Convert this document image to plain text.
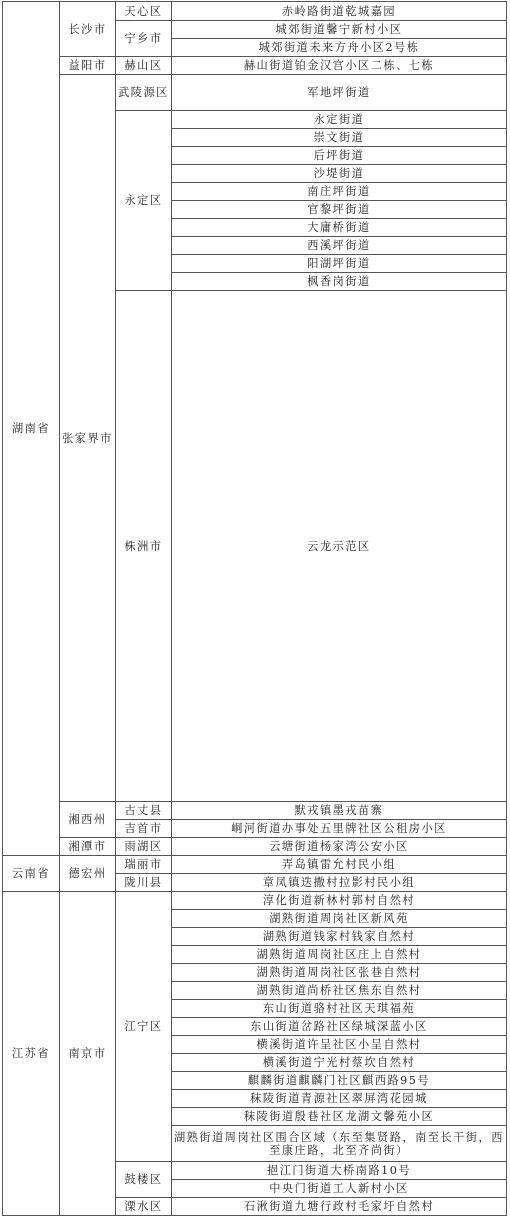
湖南省	长沙市	天心区	赤岭路街道乾城嘉园	
		宁乡市	城郊街道馨宁新村小区	
			城郊街道未来方舟小区2号栋	
	益阳市	赫山区	赫山街道铂金汉宫小区二栋、七栋	
	张家界市	武陵源区	军地坪街道	
		永定区	永定街道	
			崇文街道	
			后坪街道	
			沙堤街道	
			南庄坪街道	
			官黎坪街道	
			大庸桥街道	
			西溪坪街道	
			阳湖坪街道	
			枫香岗街道	
		株洲市	云龙示范区	

	湘西州	古丈县	默戎镇墨戎苗寨	
		吉首市	峒河街道办事处五里牌社区公租房小区	
	湘潭市	雨湖区	云塘街道杨家湾公安小区	
云南省	德宏州	瑞丽市	弄岛镇雷允村民小组	
		陇川县	章凤镇迭撒村拉影村民小组	
江苏省	南京市	江宁区	淳化街道新林村郭村自然村	
			湖熟街道周岗社区新风苑	
			湖熟街道钱家村钱家自然村	
			湖熟街道周岗社区庄上自然村	
			湖熟街道周岗社区张巷自然村	
			湖熟街道尚桥社区焦东自然村	
			东山街道骆村社区天琪福苑	
			东山街道岔路社区绿城深蓝小区	
			横溪街道许呈社区小呈自然村	
			横溪街道宁光村蔡坎自然村	
			麒麟街道麒麟门社区麒西路95号	
			秣陵街道青源社区翠屏湾花园城	
			秣陵街道殷巷社区龙湖文馨苑小区	
			湖熟街道周岗社区围合区域（东至集贤路，南至长干街，西至康庄路，北至齐尚街）	
		鼓楼区	挹江门街道大桥南路10号	
			中央门街道工人新村小区	
		溧水区	石湫街道九塘行政村毛家圩自然村	
